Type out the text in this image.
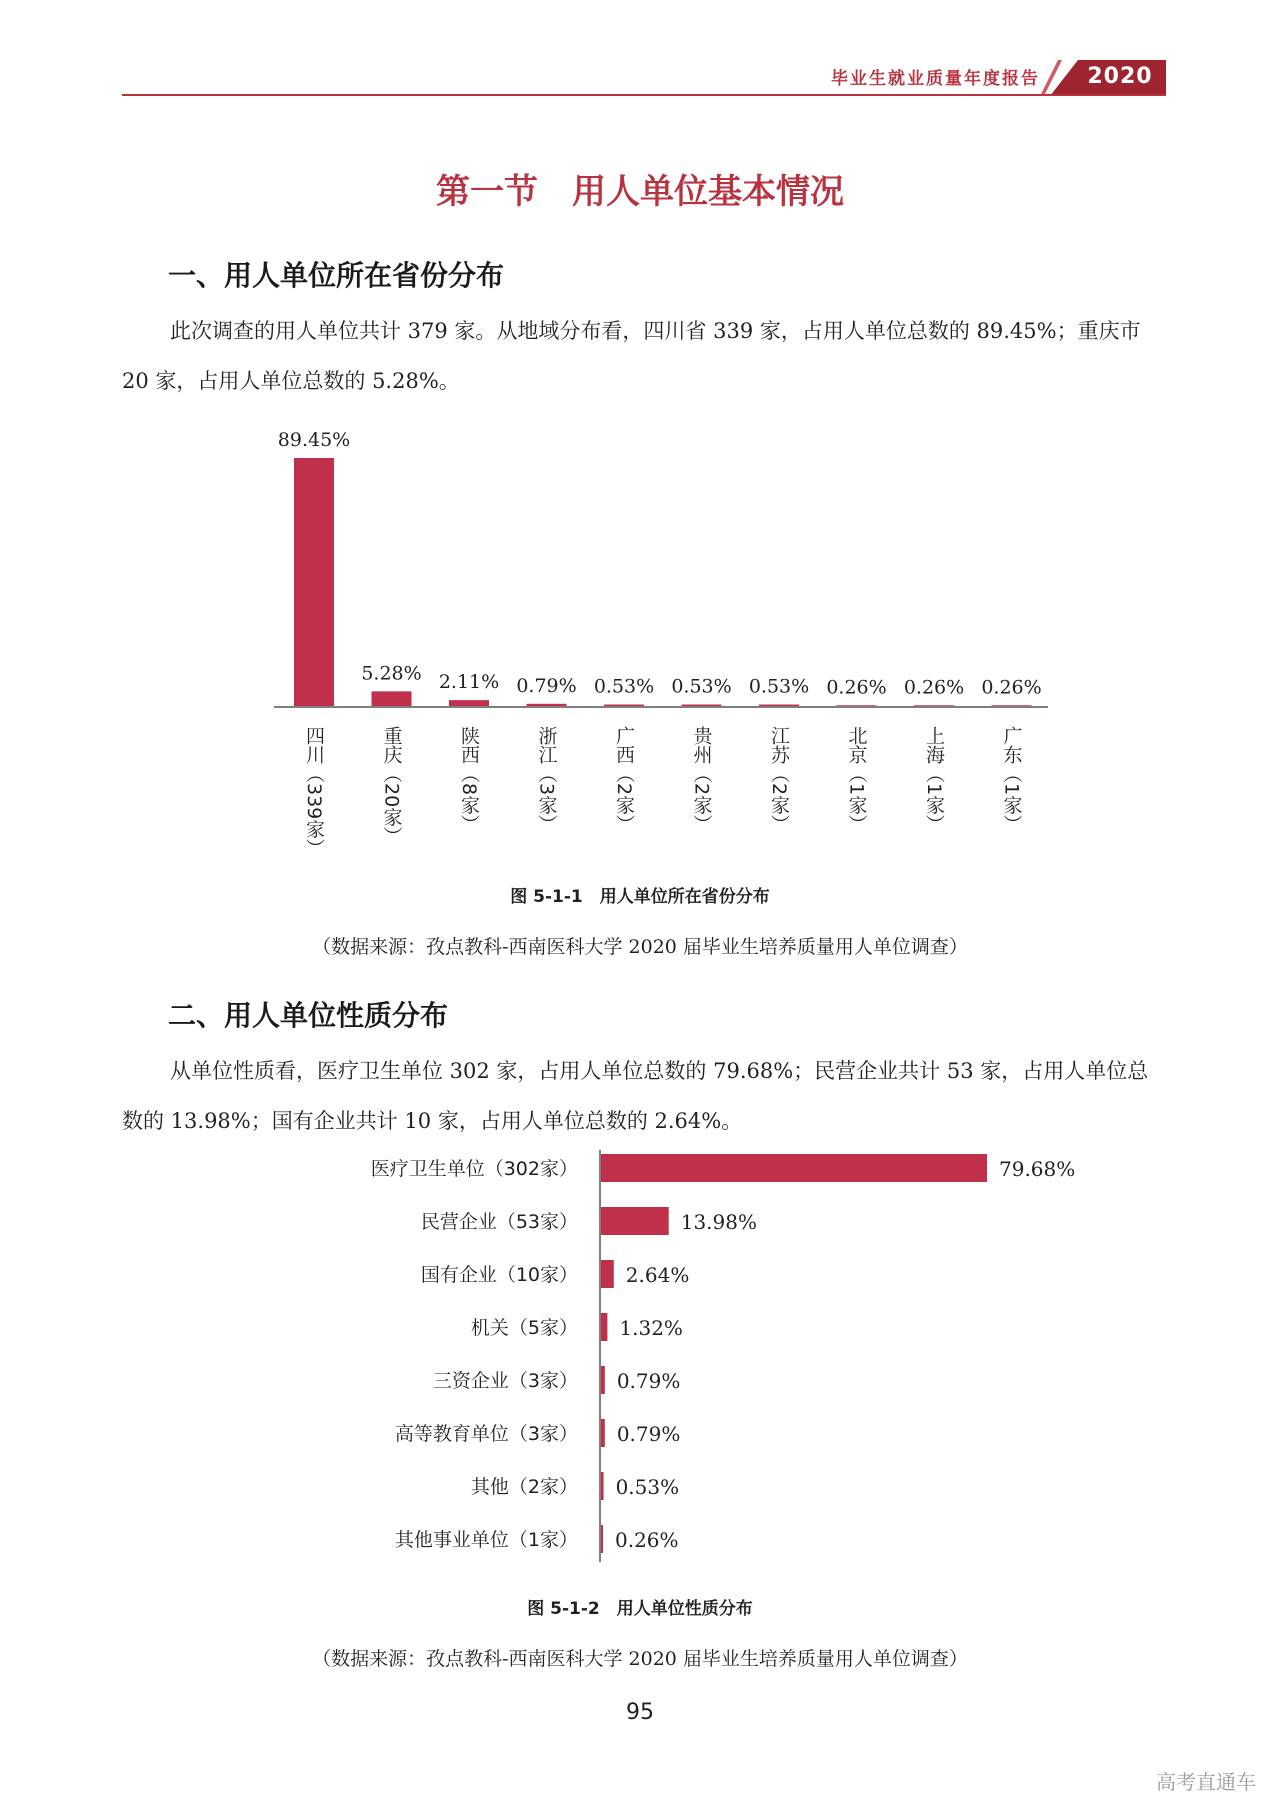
毕业生就业质量年度报告	2020
第一节　用人单位基本情况
一、用人单位所在省份分布
此次调查的用人单位共计 379 家。从地域分布看，四川省 339 家，占用人单位总数的 89.45%；重庆市 20 家，占用人单位总数的 5.28%。
89.45%
四川（339家）
5.28%
重庆（20家）
2.11%
陕西（8家）
0.79%
浙江（3家）
0.53%
广西（2家）
0.53%
贵州（2家）
0.53%
江苏（2家）
0.26%
北京（1家）
0.26%
上海（1家）
0.26%
广东（1家）
图 5-1-1　用人单位所在省份分布
（数据来源：孜点教科-西南医科大学 2020 届毕业生培养质量用人单位调查）
二、用人单位性质分布
从单位性质看，医疗卫生单位 302 家，占用人单位总数的 79.68%；民营企业共计 53 家，占用人单位总数的 13.98%；国有企业共计 10 家，占用人单位总数的 2.64%。
79.68%
医疗卫生单位（302家）
13.98%
民营企业（53家）
2.64%
国有企业（10家）
1.32%
机关（5家）
0.79%
三资企业（3家）
0.79%
高等教育单位（3家）
0.53%
其他（2家）
0.26%
其他事业单位（1家）
图 5-1-2　用人单位性质分布
（数据来源：孜点教科-西南医科大学 2020 届毕业生培养质量用人单位调查）
95
高考直通车
